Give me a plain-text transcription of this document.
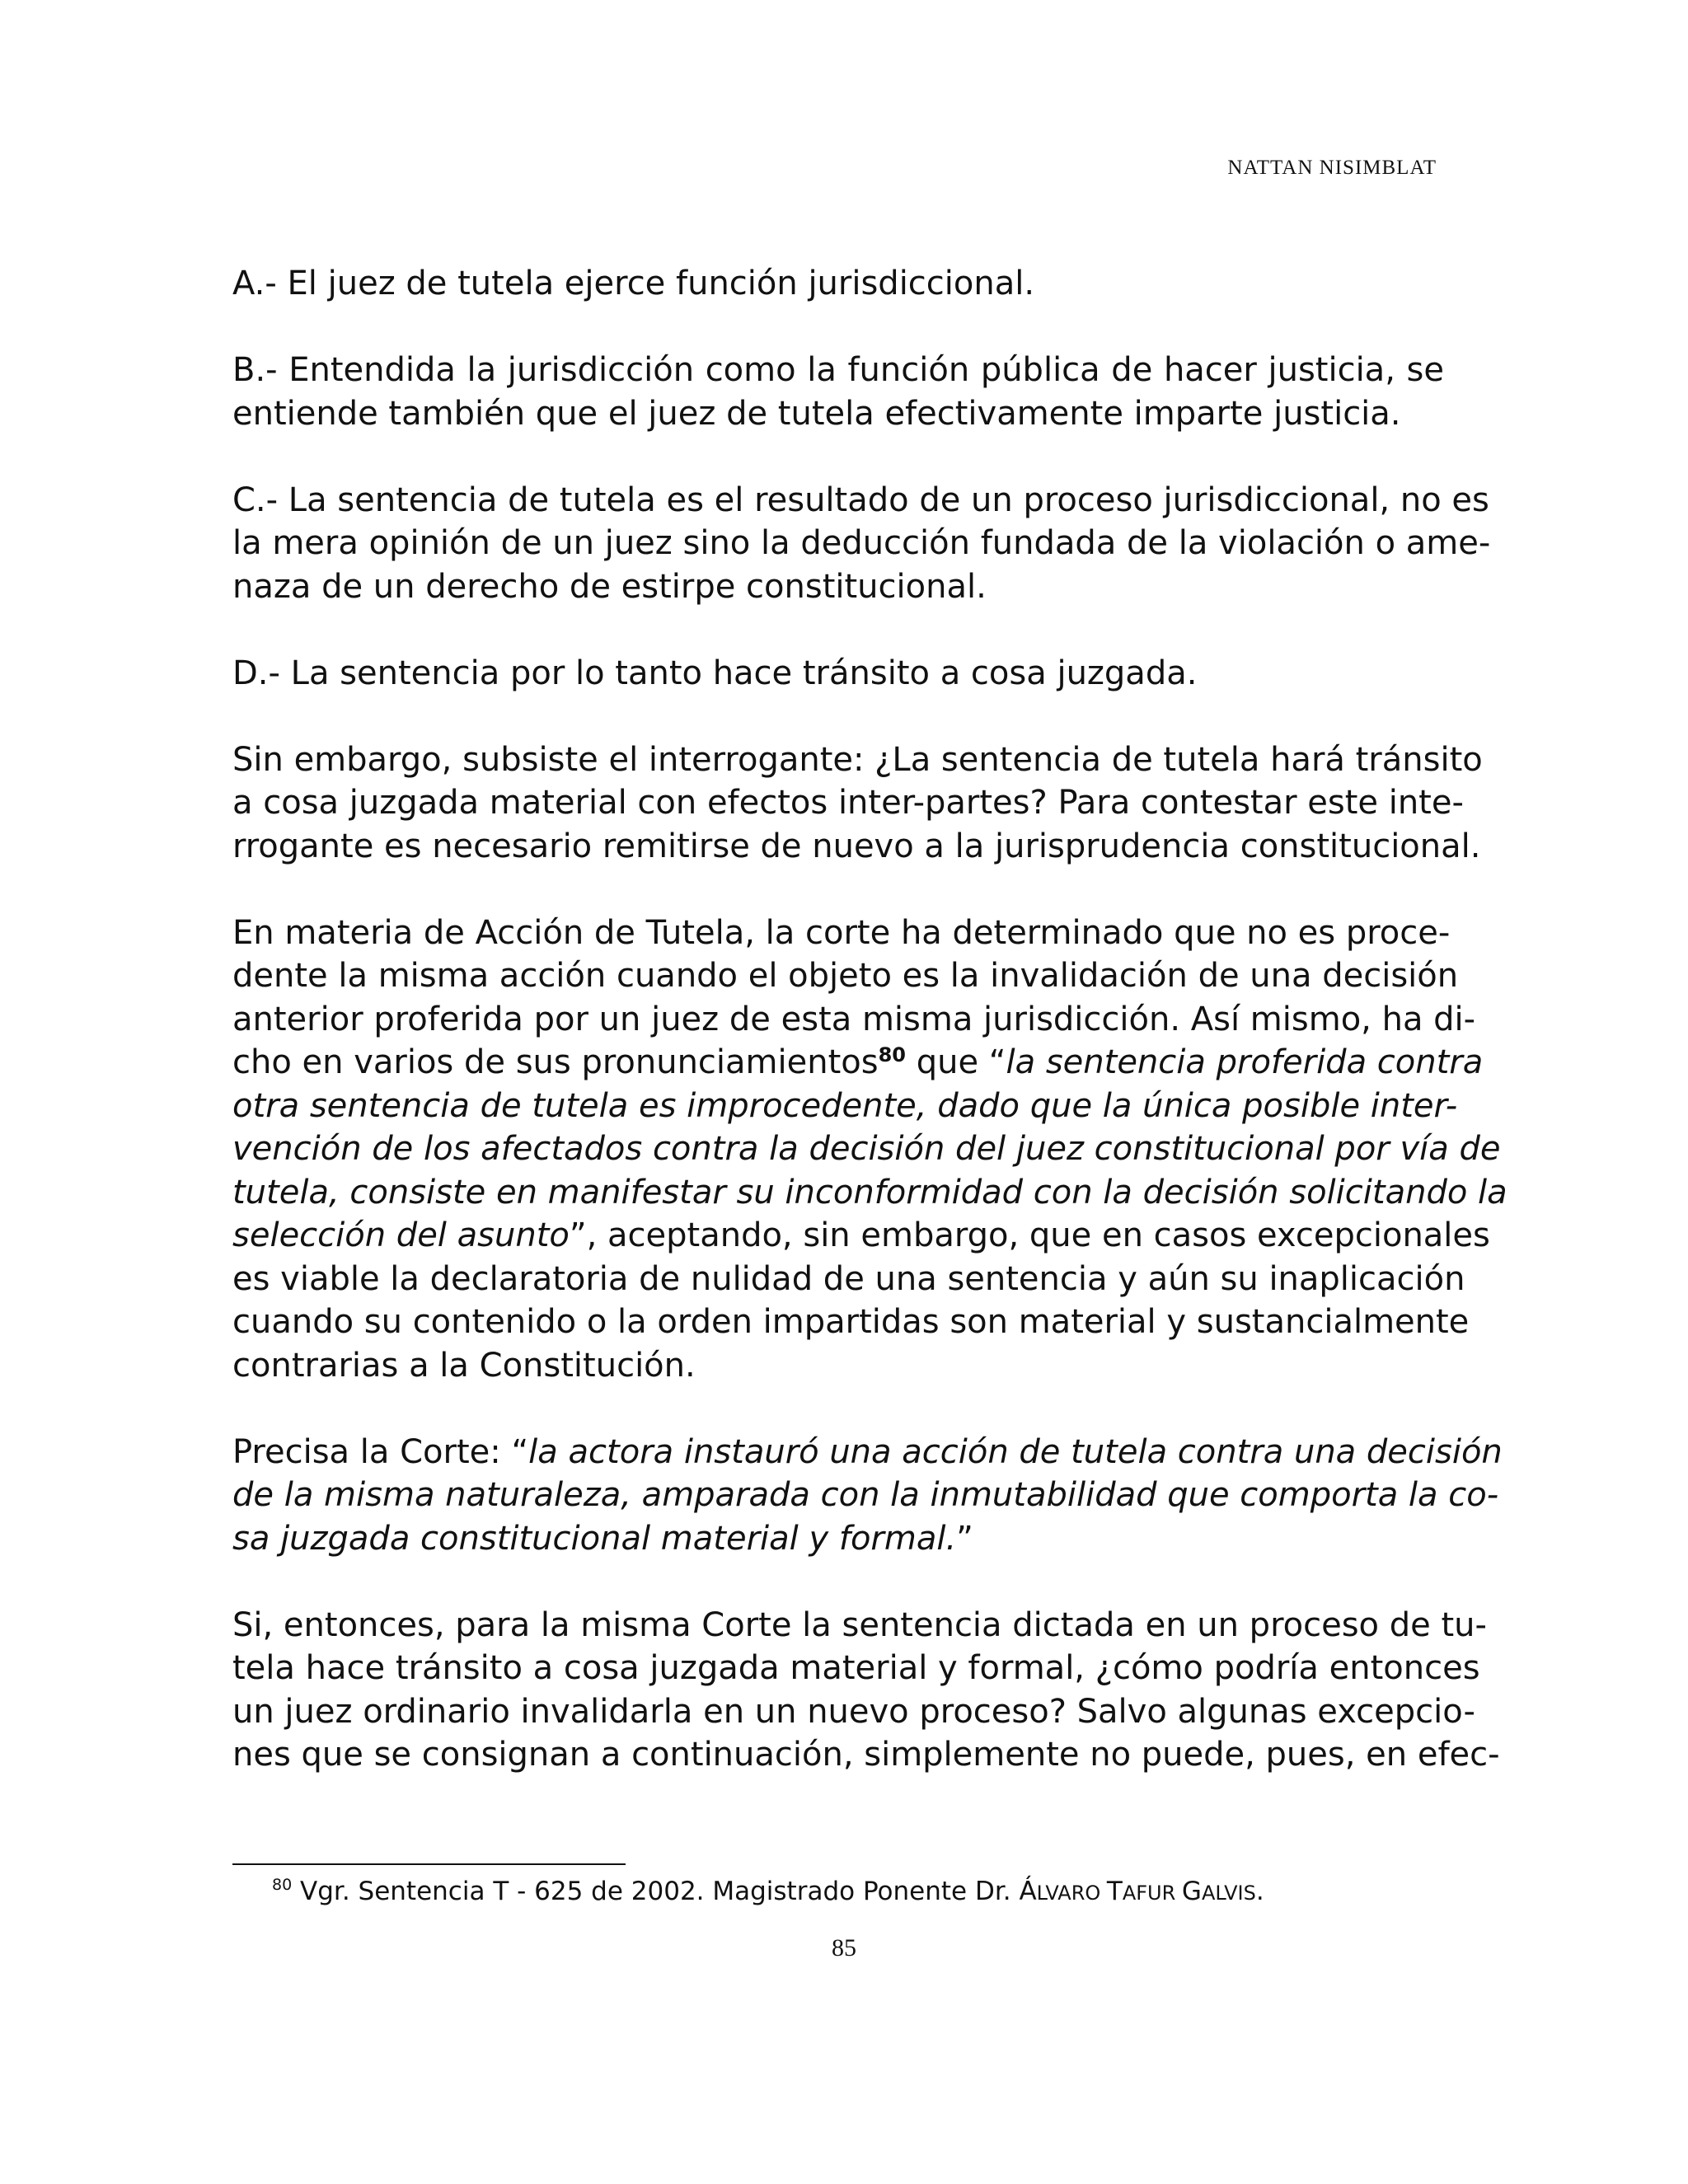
NATTAN NISIMBLAT
A.- El juez de tutela ejerce función jurisdiccional.
B.- Entendida la jurisdicción como la función pública de hacer justicia, se
entiende también que el juez de tutela efectivamente imparte justicia.
C.- La sentencia de tutela es el resultado de un proceso jurisdiccional, no es
la mera opinión de un juez sino la deducción fundada de la violación o ame-
naza de un derecho de estirpe constitucional.
D.- La sentencia por lo tanto hace tránsito a cosa juzgada.
Sin embargo, subsiste el interrogante: ¿La sentencia de tutela hará tránsito
a cosa juzgada material con efectos inter-partes? Para contestar este inte-
rrogante es necesario remitirse de nuevo a la jurisprudencia constitucional.
En materia de Acción de Tutela, la corte ha determinado que no es proce-
dente la misma acción cuando el objeto es la invalidación de una decisión
anterior proferida por un juez de esta misma jurisdicción. Así mismo, ha di-
cho en varios de sus pronunciamientos$^{80}$ que “la sentencia proferida contra
otra sentencia de tutela es improcedente, dado que la única posible inter-
vención de los afectados contra la decisión del juez constitucional por vía de
tutela, consiste en manifestar su inconformidad con la decisión solicitando la
selección del asunto”, aceptando, sin embargo, que en casos excepcionales
es viable la declaratoria de nulidad de una sentencia y aún su inaplicación
cuando su contenido o la orden impartidas son material y sustancialmente
contrarias a la Constitución.
Precisa la Corte: “la actora instauró una acción de tutela contra una decisión
de la misma naturaleza, amparada con la inmutabilidad que comporta la co-
sa juzgada constitucional material y formal.”
Si, entonces, para la misma Corte la sentencia dictada en un proceso de tu-
tela hace tránsito a cosa juzgada material y formal, ¿cómo podría entonces
un juez ordinario invalidarla en un nuevo proceso? Salvo algunas excepcio-
nes que se consignan a continuación, simplemente no puede, pues, en efec-
$^{80}$ Vgr. Sentencia T - 625 de 2002. Magistrado Ponente Dr. ÁLVARO TAFUR GALVIS.
85
